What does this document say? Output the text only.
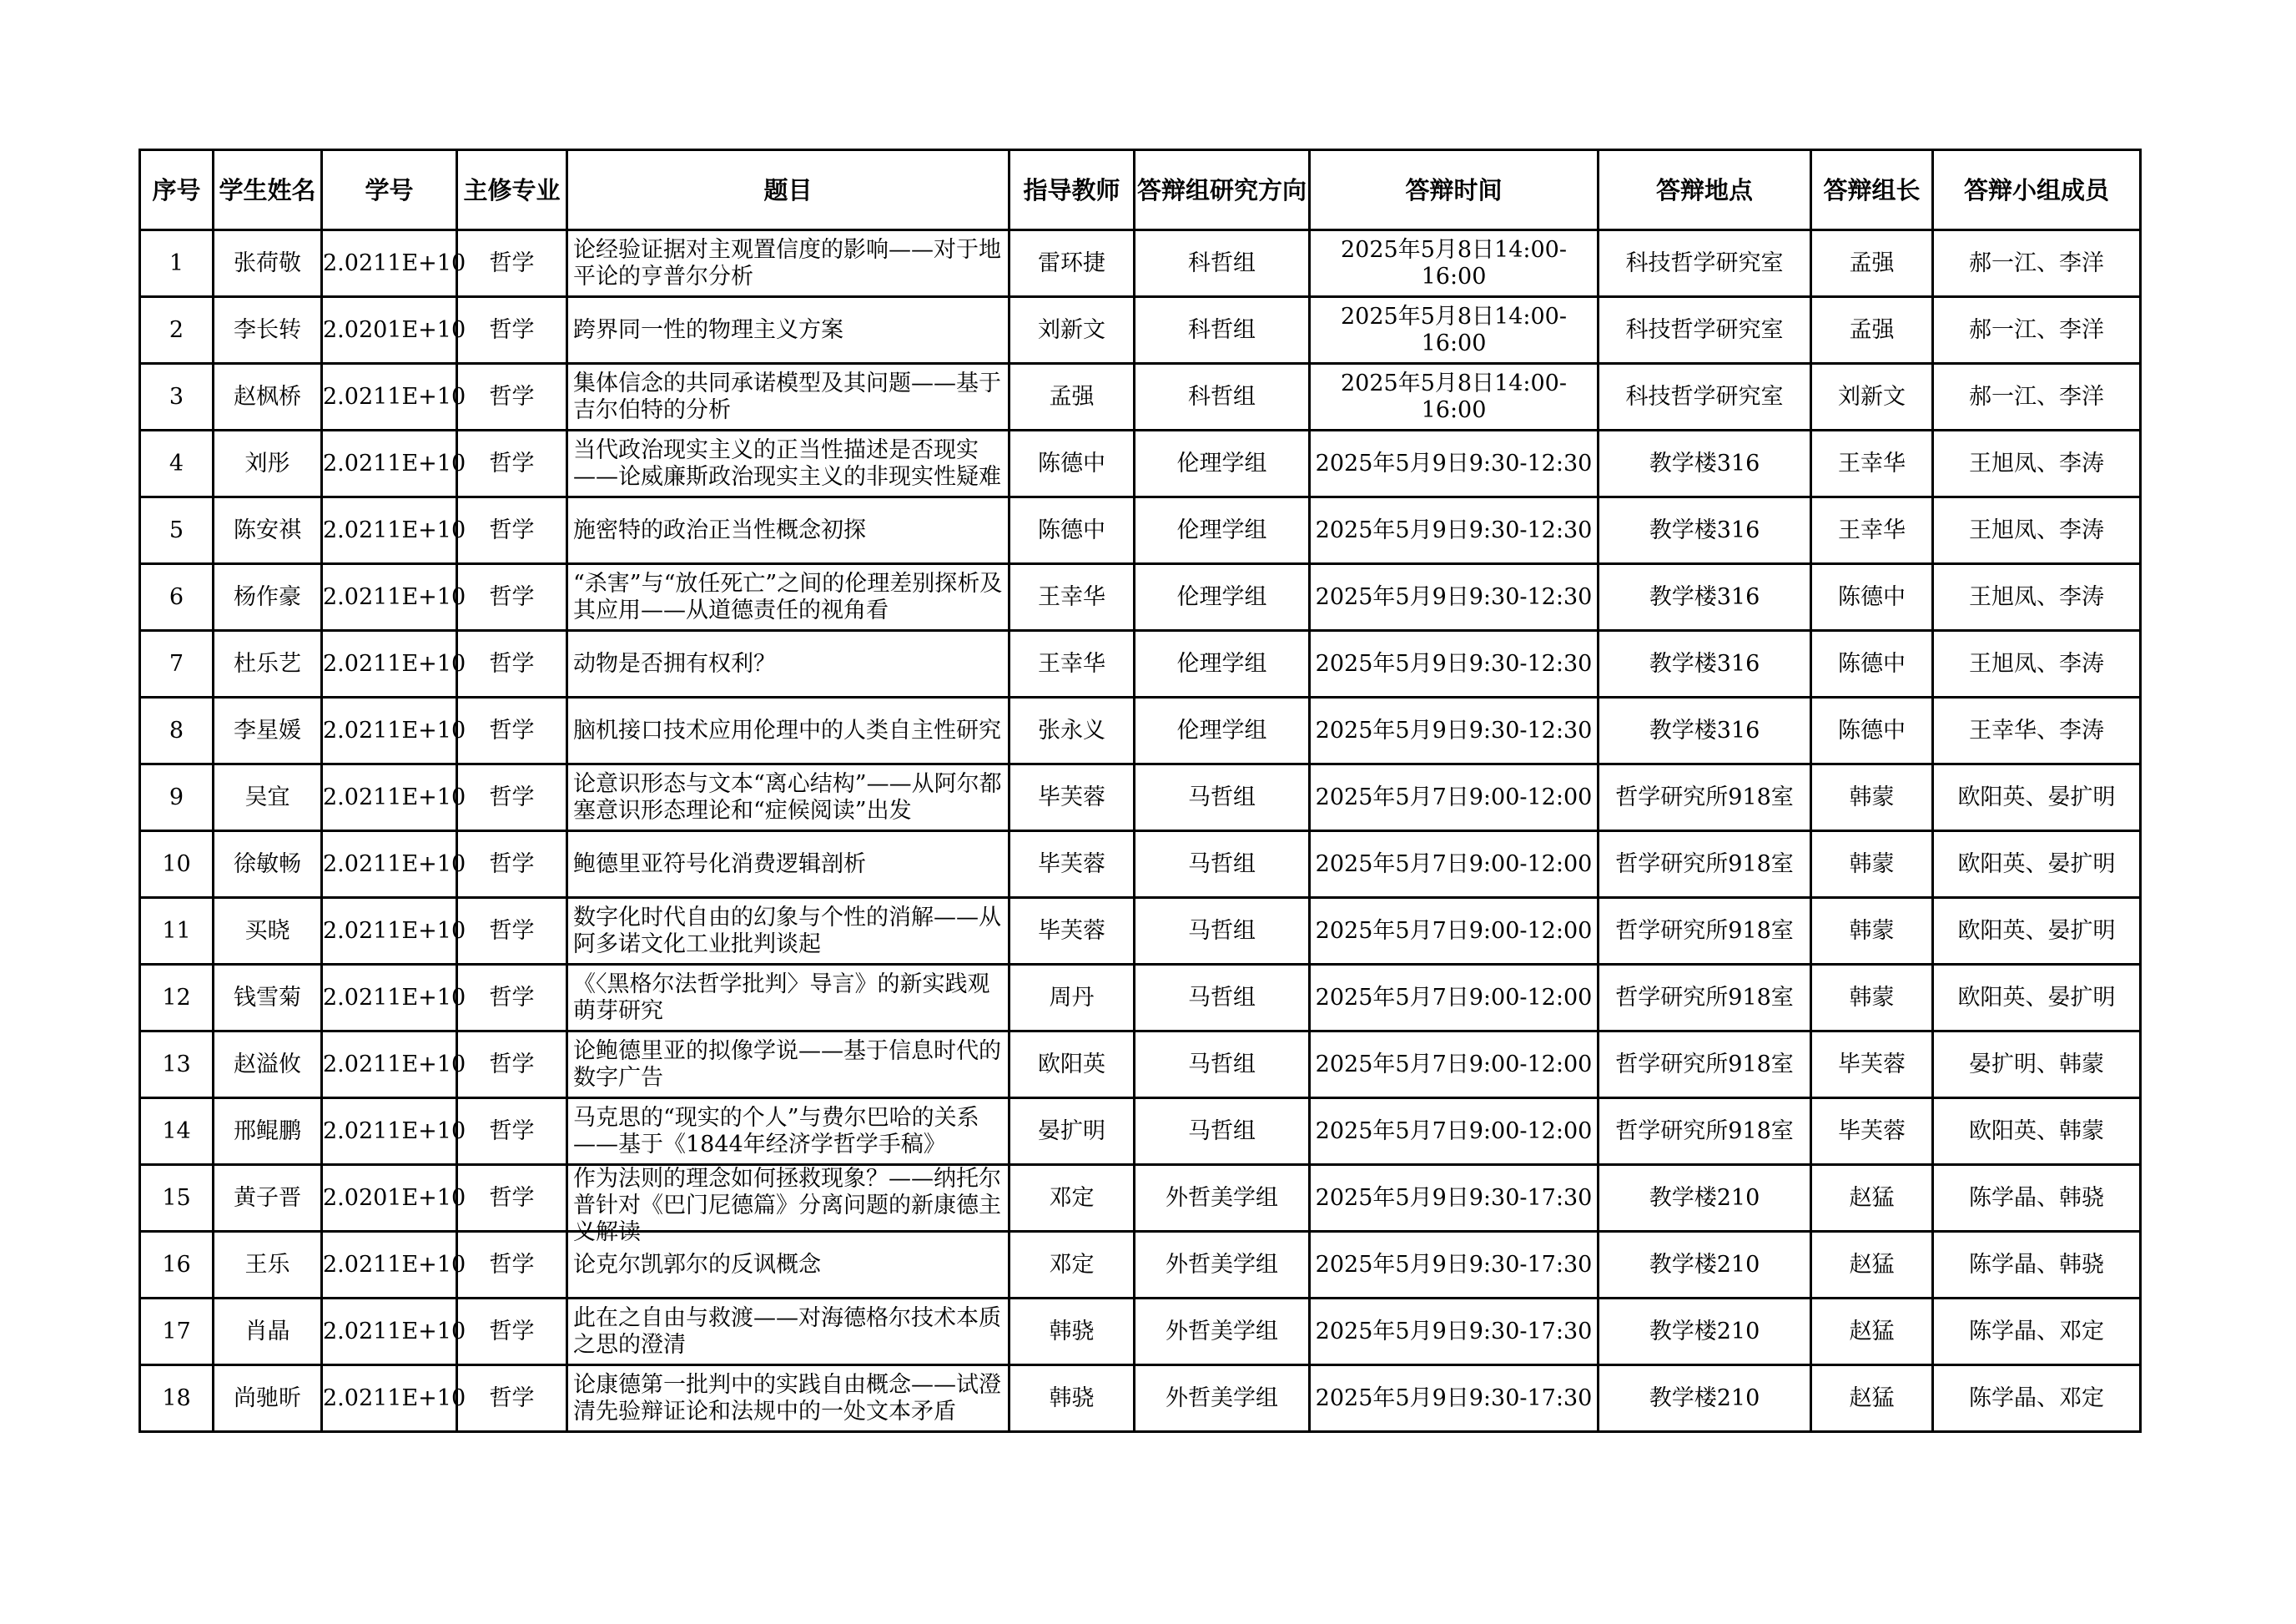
序号	学生姓名	学号	主修专业	题目	指导教师	答辩组研究方向	答辩时间	答辩地点	答辩组长	答辩小组成员

1	张荷敬	2.0211E+10	哲学	论经验证据对主观置信度的影响——对于地平论的亨普尔分析	雷环捷	科哲组	2025年5月8日14:00-16:00	科技哲学研究室	孟强	郝一江、李洋

2	李长转	2.0201E+10	哲学	跨界同一性的物理主义方案	刘新文	科哲组	2025年5月8日14:00-16:00	科技哲学研究室	孟强	郝一江、李洋

3	赵枫桥	2.0211E+10	哲学	集体信念的共同承诺模型及其问题——基于吉尔伯特的分析	孟强	科哲组	2025年5月8日14:00-16:00	科技哲学研究室	刘新文	郝一江、李洋

4	刘彤	2.0211E+10	哲学	当代政治现实主义的正当性描述是否现实——论威廉斯政治现实主义的非现实性疑难	陈德中	伦理学组	2025年5月9日9:30-12:30	教学楼316	王幸华	王旭凤、李涛

5	陈安祺	2.0211E+10	哲学	施密特的政治正当性概念初探	陈德中	伦理学组	2025年5月9日9:30-12:30	教学楼316	王幸华	王旭凤、李涛

6	杨作豪	2.0211E+10	哲学	“杀害”与“放任死亡”之间的伦理差别探析及其应用——从道德责任的视角看	王幸华	伦理学组	2025年5月9日9:30-12:30	教学楼316	陈德中	王旭凤、李涛

7	杜乐艺	2.0211E+10	哲学	动物是否拥有权利？	王幸华	伦理学组	2025年5月9日9:30-12:30	教学楼316	陈德中	王旭凤、李涛

8	李星媛	2.0211E+10	哲学	脑机接口技术应用伦理中的人类自主性研究	张永义	伦理学组	2025年5月9日9:30-12:30	教学楼316	陈德中	王幸华、李涛

9	吴宜	2.0211E+10	哲学	论意识形态与文本“离心结构”——从阿尔都塞意识形态理论和“症候阅读”出发	毕芙蓉	马哲组	2025年5月7日9:00-12:00	哲学研究所918室	韩蒙	欧阳英、晏扩明

10	徐敏畅	2.0211E+10	哲学	鲍德里亚符号化消费逻辑剖析	毕芙蓉	马哲组	2025年5月7日9:00-12:00	哲学研究所918室	韩蒙	欧阳英、晏扩明

11	买晓	2.0211E+10	哲学	数字化时代自由的幻象与个性的消解——从阿多诺文化工业批判谈起	毕芙蓉	马哲组	2025年5月7日9:00-12:00	哲学研究所918室	韩蒙	欧阳英、晏扩明

12	钱雪菊	2.0211E+10	哲学	《〈黑格尔法哲学批判〉导言》的新实践观萌芽研究	周丹	马哲组	2025年5月7日9:00-12:00	哲学研究所918室	韩蒙	欧阳英、晏扩明

13	赵溢攸	2.0211E+10	哲学	论鲍德里亚的拟像学说——基于信息时代的数字广告	欧阳英	马哲组	2025年5月7日9:00-12:00	哲学研究所918室	毕芙蓉	晏扩明、韩蒙

14	邢鲲鹏	2.0211E+10	哲学	马克思的“现实的个人”与费尔巴哈的关系——基于《1844年经济学哲学手稿》	晏扩明	马哲组	2025年5月7日9:00-12:00	哲学研究所918室	毕芙蓉	欧阳英、韩蒙

15	黄子晋	2.0201E+10	哲学	作为法则的理念如何拯救现象？——纳托尔普针对《巴门尼德篇》分离问题的新康德主义解读	邓定	外哲美学组	2025年5月9日9:30-17:30	教学楼210	赵猛	陈学晶、韩骁

16	王乐	2.0211E+10	哲学	论克尔凯郭尔的反讽概念	邓定	外哲美学组	2025年5月9日9:30-17:30	教学楼210	赵猛	陈学晶、韩骁

17	肖晶	2.0211E+10	哲学	此在之自由与救渡——对海德格尔技术本质之思的澄清	韩骁	外哲美学组	2025年5月9日9:30-17:30	教学楼210	赵猛	陈学晶、邓定

18	尚驰昕	2.0211E+10	哲学	论康德第一批判中的实践自由概念——试澄清先验辩证论和法规中的一处文本矛盾	韩骁	外哲美学组	2025年5月9日9:30-17:30	教学楼210	赵猛	陈学晶、邓定
